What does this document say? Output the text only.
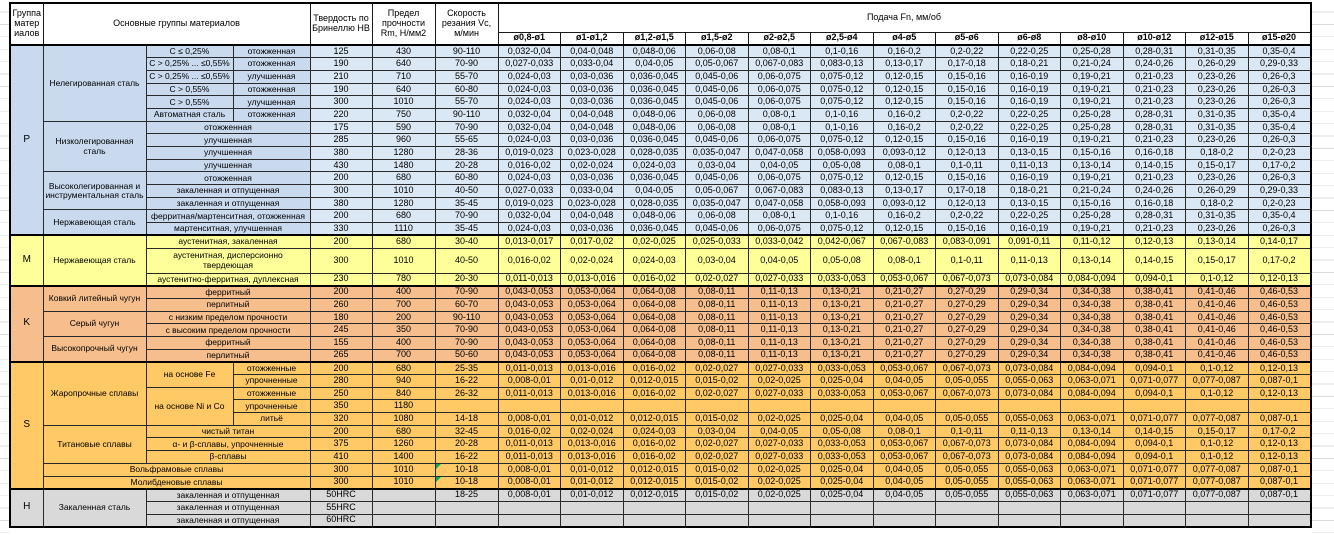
Группа матер иалов	Основные группы материалов			Твердость по Бринеллю HB	Предел прочности Rm, Н/мм2	Скорость резания Vc, м/мин	Подача Fn, мм/об												
							ø0,8-ø1	ø1-ø1,2	ø1,2-ø1,5	ø1,5-ø2	ø2-ø2,5	ø2,5-ø4	ø4-ø5	ø5-ø6	ø6-ø8	ø8-ø10	ø10-ø12	ø12-ø15	ø15-ø20
P	Нелегированная сталь	C ≤ 0,25%	отожженная	125	430	90-110	0,032-0,04	0,04-0,048	0,048-0,06	0,06-0,08	0,08-0,1	0,1-0,16	0,16-0,2	0,2-0,22	0,22-0,25	0,25-0,28	0,28-0,31	0,31-0,35	0,35-0,4
		C > 0,25% ... ≤0,55%	отожженная	190	640	70-90	0,027-0,033	0,033-0,04	0,04-0,05	0,05-0,067	0,067-0,083	0,083-0,13	0,13-0,17	0,17-0,18	0,18-0,21	0,21-0,24	0,24-0,26	0,26-0,29	0,29-0,33
		C > 0,25% ... ≤0,55%	улучшенная	210	710	55-70	0,024-0,03	0,03-0,036	0,036-0,045	0,045-0,06	0,06-0,075	0,075-0,12	0,12-0,15	0,15-0,16	0,16-0,19	0,19-0,21	0,21-0,23	0,23-0,26	0,26-0,3
		C > 0,55%	отожженная	190	640	60-80	0,024-0,03	0,03-0,036	0,036-0,045	0,045-0,06	0,06-0,075	0,075-0,12	0,12-0,15	0,15-0,16	0,16-0,19	0,19-0,21	0,21-0,23	0,23-0,26	0,26-0,3
		C > 0,55%	улучшенная	300	1010	55-70	0,024-0,03	0,03-0,036	0,036-0,045	0,045-0,06	0,06-0,075	0,075-0,12	0,12-0,15	0,15-0,16	0,16-0,19	0,19-0,21	0,21-0,23	0,23-0,26	0,26-0,3
		Автоматная сталь	отожженная	220	750	90-110	0,032-0,04	0,04-0,048	0,048-0,06	0,06-0,08	0,08-0,1	0,1-0,16	0,16-0,2	0,2-0,22	0,22-0,25	0,25-0,28	0,28-0,31	0,31-0,35	0,35-0,4
	Низколегированная сталь	отожженная		175	590	70-90	0,032-0,04	0,04-0,048	0,048-0,06	0,06-0,08	0,08-0,1	0,1-0,16	0,16-0,2	0,2-0,22	0,22-0,25	0,25-0,28	0,28-0,31	0,31-0,35	0,35-0,4
		улучшенная		285	960	55-65	0,024-0,03	0,03-0,036	0,036-0,045	0,045-0,06	0,06-0,075	0,075-0,12	0,12-0,15	0,15-0,16	0,16-0,19	0,19-0,21	0,21-0,23	0,23-0,26	0,26-0,3
		улучшенная		380	1280	28-36	0,019-0,023	0,023-0,028	0,028-0,035	0,035-0,047	0,047-0,058	0,058-0,093	0,093-0,12	0,12-0,13	0,13-0,15	0,15-0,16	0,16-0,18	0,18-0,2	0,2-0,23
		улучшенная		430	1480	20-28	0,016-0,02	0,02-0,024	0,024-0,03	0,03-0,04	0,04-0,05	0,05-0,08	0,08-0,1	0,1-0,11	0,11-0,13	0,13-0,14	0,14-0,15	0,15-0,17	0,17-0,2
	Высоколегированная и инструментальная сталь	отожженная		200	680	60-80	0,024-0,03	0,03-0,036	0,036-0,045	0,045-0,06	0,06-0,075	0,075-0,12	0,12-0,15	0,15-0,16	0,16-0,19	0,19-0,21	0,21-0,23	0,23-0,26	0,26-0,3
		закаленная и отпущенная		300	1010	40-50	0,027-0,033	0,033-0,04	0,04-0,05	0,05-0,067	0,067-0,083	0,083-0,13	0,13-0,17	0,17-0,18	0,18-0,21	0,21-0,24	0,24-0,26	0,26-0,29	0,29-0,33
		закаленная и отпущенная		380	1280	35-45	0,019-0,023	0,023-0,028	0,028-0,035	0,035-0,047	0,047-0,058	0,058-0,093	0,093-0,12	0,12-0,13	0,13-0,15	0,15-0,16	0,16-0,18	0,18-0,2	0,2-0,23
	Нержавеющая сталь	ферритная/мартенситная, отожженная		200	680	70-90	0,032-0,04	0,04-0,048	0,048-0,06	0,06-0,08	0,08-0,1	0,1-0,16	0,16-0,2	0,2-0,22	0,22-0,25	0,25-0,28	0,28-0,31	0,31-0,35	0,35-0,4
		мартенситная, улучшенная		330	1110	35-45	0,024-0,03	0,03-0,036	0,036-0,045	0,045-0,06	0,06-0,075	0,075-0,12	0,12-0,15	0,15-0,16	0,16-0,19	0,19-0,21	0,21-0,23	0,23-0,26	0,26-0,3
M	Нержавеющая сталь	аустенитная, закаленная		200	680	30-40	0,013-0,017	0,017-0,02	0,02-0,025	0,025-0,033	0,033-0,042	0,042-0,067	0,067-0,083	0,083-0,091	0,091-0,11	0,11-0,12	0,12-0,13	0,13-0,14	0,14-0,17
		аустенитная, дисперсионно твердеющая		300	1010	40-50	0,016-0,02	0,02-0,024	0,024-0,03	0,03-0,04	0,04-0,05	0,05-0,08	0,08-0,1	0,1-0,11	0,11-0,13	0,13-0,14	0,14-0,15	0,15-0,17	0,17-0,2
		аустенитно-ферритная, дуплексная		230	780	20-30	0,011-0,013	0,013-0,016	0,016-0,02	0,02-0,027	0,027-0,033	0,033-0,053	0,053-0,067	0,067-0,073	0,073-0,084	0,084-0,094	0,094-0,1	0,1-0,12	0,12-0,13
K	Ковкий литейный чугун	ферритный		200	400	70-90	0,043-0,053	0,053-0,064	0,064-0,08	0,08-0,11	0,11-0,13	0,13-0,21	0,21-0,27	0,27-0,29	0,29-0,34	0,34-0,38	0,38-0,41	0,41-0,46	0,46-0,53
		перлитный		260	700	60-70	0,043-0,053	0,053-0,064	0,064-0,08	0,08-0,11	0,11-0,13	0,13-0,21	0,21-0,27	0,27-0,29	0,29-0,34	0,34-0,38	0,38-0,41	0,41-0,46	0,46-0,53
	Серый чугун	с низким пределом прочности		180	200	90-110	0,043-0,053	0,053-0,064	0,064-0,08	0,08-0,11	0,11-0,13	0,13-0,21	0,21-0,27	0,27-0,29	0,29-0,34	0,34-0,38	0,38-0,41	0,41-0,46	0,46-0,53
		с высоким пределом прочности		245	350	70-90	0,043-0,053	0,053-0,064	0,064-0,08	0,08-0,11	0,11-0,13	0,13-0,21	0,21-0,27	0,27-0,29	0,29-0,34	0,34-0,38	0,38-0,41	0,41-0,46	0,46-0,53
	Высокопрочный чугун	ферритный		155	400	70-90	0,043-0,053	0,053-0,064	0,064-0,08	0,08-0,11	0,11-0,13	0,13-0,21	0,21-0,27	0,27-0,29	0,29-0,34	0,34-0,38	0,38-0,41	0,41-0,46	0,46-0,53
		перлитный		265	700	50-60	0,043-0,053	0,053-0,064	0,064-0,08	0,08-0,11	0,11-0,13	0,13-0,21	0,21-0,27	0,27-0,29	0,29-0,34	0,34-0,38	0,38-0,41	0,41-0,46	0,46-0,53
S	Жаропрочные сплавы	на основе Fe	отожженные	200	680	25-35	0,011-0,013	0,013-0,016	0,016-0,02	0,02-0,027	0,027-0,033	0,033-0,053	0,053-0,067	0,067-0,073	0,073-0,084	0,084-0,094	0,094-0,1	0,1-0,12	0,12-0,13
			упрочненные	280	940	16-22	0,008-0,01	0,01-0,012	0,012-0,015	0,015-0,02	0,02-0,025	0,025-0,04	0,04-0,05	0,05-0,055	0,055-0,063	0,063-0,071	0,071-0,077	0,077-0,087	0,087-0,1
		на основе Ni и Co	отожженные	250	840	26-32	0,011-0,013	0,013-0,016	0,016-0,02	0,02-0,027	0,027-0,033	0,033-0,053	0,053-0,067	0,067-0,073	0,073-0,084	0,084-0,094	0,094-0,1	0,1-0,12	0,12-0,13
			упрочненные	350	1180														
			литьё	320	1080	14-18	0,008-0,01	0,01-0,012	0,012-0,015	0,015-0,02	0,02-0,025	0,025-0,04	0,04-0,05	0,05-0,055	0,055-0,063	0,063-0,071	0,071-0,077	0,077-0,087	0,087-0,1
	Титановые сплавы	чистый титан		200	680	32-45	0,016-0,02	0,02-0,024	0,024-0,03	0,03-0,04	0,04-0,05	0,05-0,08	0,08-0,1	0,1-0,11	0,11-0,13	0,13-0,14	0,14-0,15	0,15-0,17	0,17-0,2
		α- и β-сплавы, упрочненные		375	1260	20-28	0,011-0,013	0,013-0,016	0,016-0,02	0,02-0,027	0,027-0,033	0,033-0,053	0,053-0,067	0,067-0,073	0,073-0,084	0,084-0,094	0,094-0,1	0,1-0,12	0,12-0,13
		β-сплавы		410	1400	16-22	0,011-0,013	0,013-0,016	0,016-0,02	0,02-0,027	0,027-0,033	0,033-0,053	0,053-0,067	0,067-0,073	0,073-0,084	0,084-0,094	0,094-0,1	0,1-0,12	0,12-0,13
	Вольфрамовые сплавы			300	1010	10-18	0,008-0,01	0,01-0,012	0,012-0,015	0,015-0,02	0,02-0,025	0,025-0,04	0,04-0,05	0,05-0,055	0,055-0,063	0,063-0,071	0,071-0,077	0,077-0,087	0,087-0,1
	Молибденовые сплавы			300	1010	10-18	0,008-0,01	0,01-0,012	0,012-0,015	0,015-0,02	0,02-0,025	0,025-0,04	0,04-0,05	0,05-0,055	0,055-0,063	0,063-0,071	0,071-0,077	0,077-0,087	0,087-0,1
H	Закаленная сталь	закаленная и отпущенная		50HRC		18-25	0,008-0,01	0,01-0,012	0,012-0,015	0,015-0,02	0,02-0,025	0,025-0,04	0,04-0,05	0,05-0,055	0,055-0,063	0,063-0,071	0,071-0,077	0,077-0,087	0,087-0,1
		закаленная и отпущенная		55HRC															
		закаленная и отпущенная		60HRC															
